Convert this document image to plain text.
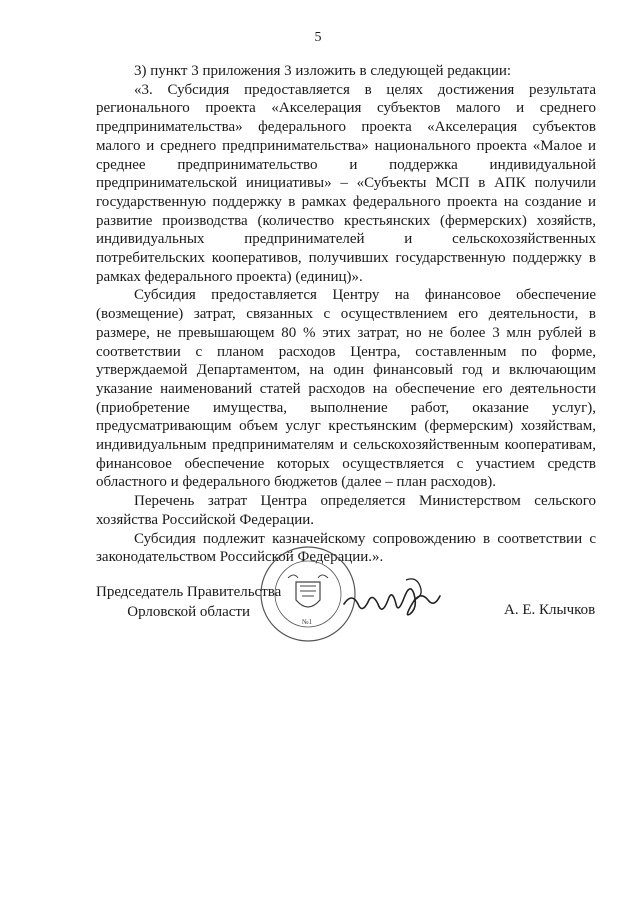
5

3) пункт 3 приложения 3 изложить в следующей редакции:

«3. Субсидия предоставляется в целях достижения результата регионального проекта «Акселерация субъектов малого и среднего предпринимательства» федерального проекта «Акселерация субъектов малого и среднего предпринимательства» национального проекта «Малое и среднее предпринимательство и поддержка индивидуальной предпринимательской инициативы» – «Субъекты МСП в АПК получили государственную поддержку в рамках федерального проекта на создание и развитие производства (количество крестьянских (фермерских) хозяйств, индивидуальных предпринимателей и сельскохозяйственных потребительских кооперативов, получивших государственную поддержку в рамках федерального проекта) (единиц)».

Субсидия предоставляется Центру на финансовое обеспечение (возмещение) затрат, связанных с осуществлением его деятельности, в размере, не превышающем 80 % этих затрат, но не более 3 млн рублей в соответствии с планом расходов Центра, составленным по форме, утверждаемой Департаментом, на один финансовый год и включающим указание наименований статей расходов на обеспечение его деятельности (приобретение имущества, выполнение работ, оказание услуг), предусматривающим объем услуг крестьянским (фермерским) хозяйствам, индивидуальным предпринимателям и сельскохозяйственным кооперативам, финансовое обеспечение которых осуществляется с участием средств областного и федерального бюджетов (далее – план расходов).

Перечень затрат Центра определяется Министерством сельского хозяйства Российской Федерации.

Субсидия подлежит казначейскому сопровождению в соответствии с законодательством Российской Федерации.».

Председатель Правительства
Орловской области
№1
А. Е. Клычков
